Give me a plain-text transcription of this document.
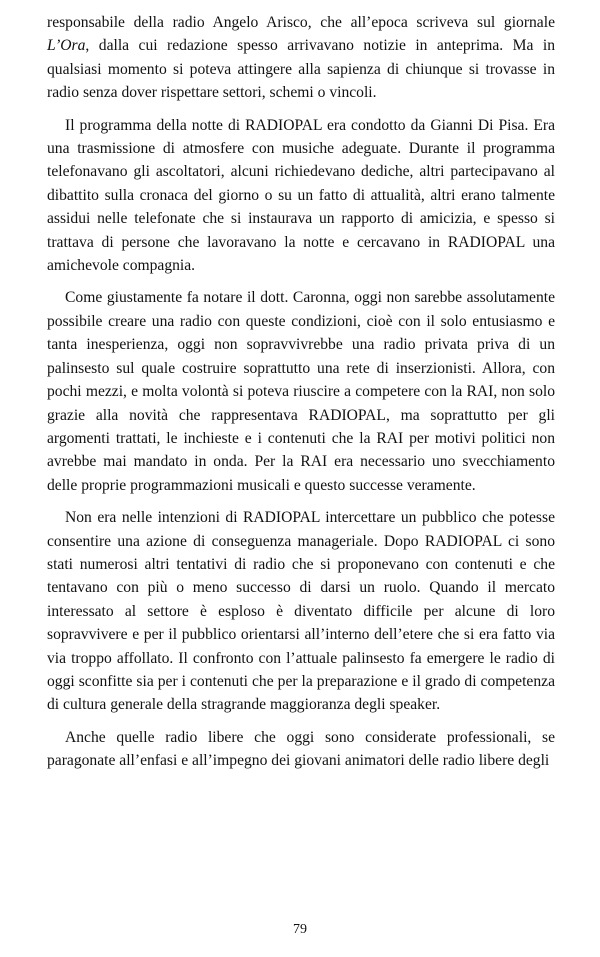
responsabile della radio Angelo Arisco, che all’epoca scriveva sul giornale L’Ora, dalla cui redazione spesso arrivavano notizie in anteprima. Ma in qualsiasi momento si poteva attingere alla sapienza di chiunque si trovasse in radio senza dover rispettare settori, schemi o vincoli.

Il programma della notte di RADIOPAL era condotto da Gianni Di Pisa. Era una trasmissione di atmosfere con musiche adeguate. Durante il programma telefonavano gli ascoltatori, alcuni richiedevano dediche, altri partecipavano al dibattito sulla cronaca del giorno o su un fatto di attualità, altri erano talmente assidui nelle telefonate che si instaurava un rapporto di amicizia, e spesso si trattava di persone che lavoravano la notte e cercavano in RADIOPAL una amichevole compagnia.

Come giustamente fa notare il dott. Caronna, oggi non sarebbe assolutamente possibile creare una radio con queste condizioni, cioè con il solo entusiasmo e tanta inesperienza, oggi non sopravvivrebbe una radio privata priva di un palinsesto sul quale costruire soprattutto una rete di inserzionisti. Allora, con pochi mezzi, e molta volontà si poteva riuscire a competere con la RAI, non solo grazie alla novità che rappresentava RADIOPAL, ma soprattutto per gli argomenti trattati, le inchieste e i contenuti che la RAI per motivi politici non avrebbe mai mandato in onda. Per la RAI era necessario uno svecchiamento delle proprie programmazioni musicali e questo successe veramente.

Non era nelle intenzioni di RADIOPAL intercettare un pubblico che potesse consentire una azione di conseguenza manageriale. Dopo RADIOPAL ci sono stati numerosi altri tentativi di radio che si proponevano con contenuti e che tentavano con più o meno successo di darsi un ruolo. Quando il mercato interessato al settore è esploso è diventato difficile per alcune di loro sopravvivere e per il pubblico orientarsi all’interno dell’etere che si era fatto via via troppo affollato. Il confronto con l’attuale palinsesto fa emergere le radio di oggi sconfitte sia per i contenuti che per la preparazione e il grado di competenza di cultura generale della stragrande maggioranza degli speaker.

Anche quelle radio libere che oggi sono considerate professionali, se paragonate all’enfasi e all’impegno dei giovani animatori delle radio libere degli

79
